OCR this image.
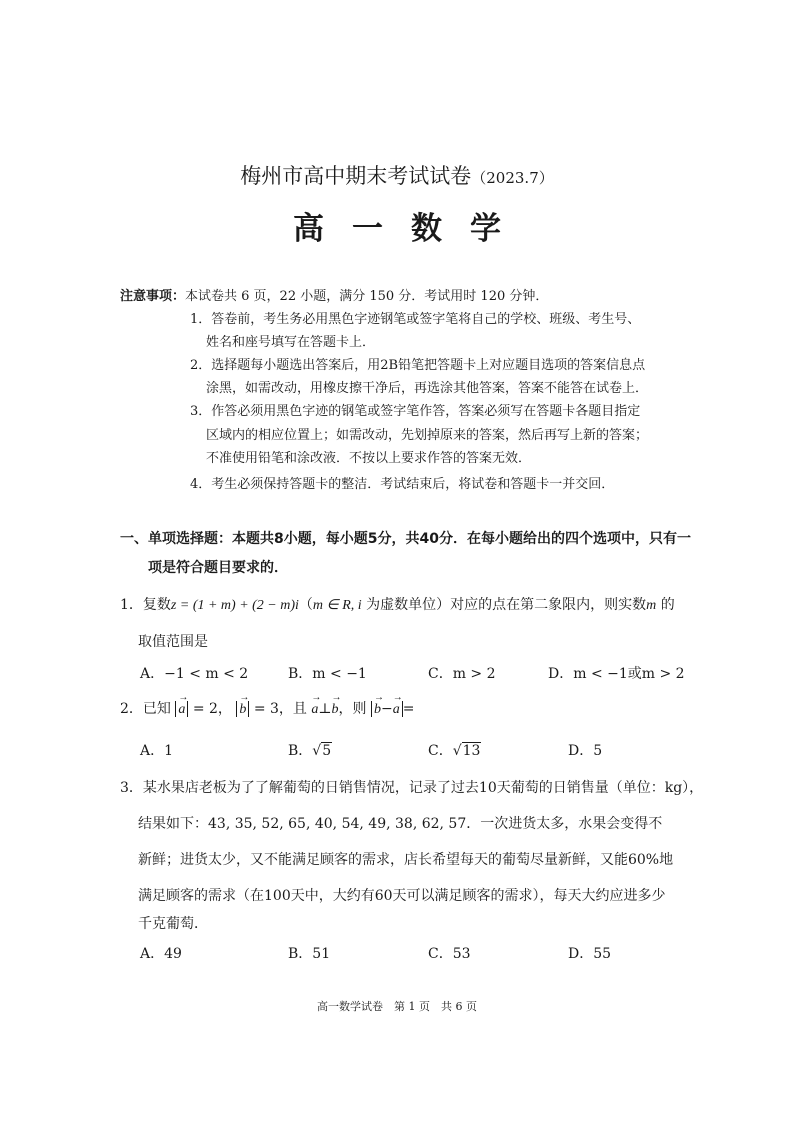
梅州市高中期末考试试卷（2023.7）
高一数学
注意事项：本试卷共 6 页，22 小题，满分 150 分．考试用时 120 分钟．
1．答卷前，考生务必用黑色字迹钢笔或签字笔将自己的学校、班级、考生号、
姓名和座号填写在答题卡上．
2．选择题每小题选出答案后，用2B铅笔把答题卡上对应题目选项的答案信息点
涂黑，如需改动，用橡皮擦干净后，再选涂其他答案，答案不能答在试卷上．
3．作答必须用黑色字迹的钢笔或签字笔作答，答案必须写在答题卡各题目指定
区域内的相应位置上；如需改动，先划掉原来的答案，然后再写上新的答案；
不准使用铅笔和涂改液．不按以上要求作答的答案无效．
4．考生必须保持答题卡的整洁．考试结束后，将试卷和答题卡一并交回．
一、单项选择题：本题共8小题，每小题5分，共40分．在每小题给出的四个选项中，只有一
项是符合题目要求的．
1．复数z = (1 + m) + (2 − m)i（m ∈ R, i 为虚数单位）对应的点在第二象限内，则实数m 的
取值范围是
A．−1 < m < 2	B．m < −1	C．m > 2	D．m < −1或m > 2
2．已知 → a = 2， → b = 3，且 → a⊥→ b，则 → b−→ a =
A．1	B．√5	C．√13	D．5
3．某水果店老板为了了解葡萄的日销售情况，记录了过去10天葡萄的日销售量（单位：kg），
结果如下：43, 35, 52, 65, 40, 54, 49, 38, 62, 57．一次进货太多，水果会变得不
新鲜；进货太少，又不能满足顾客的需求，店长希望每天的葡萄尽量新鲜，又能60%地
满足顾客的需求（在100天中，大约有60天可以满足顾客的需求），每天大约应进多少
千克葡萄．
A．49	B．51	C．53	D．55
高一数学试卷　第 1 页　共 6 页
